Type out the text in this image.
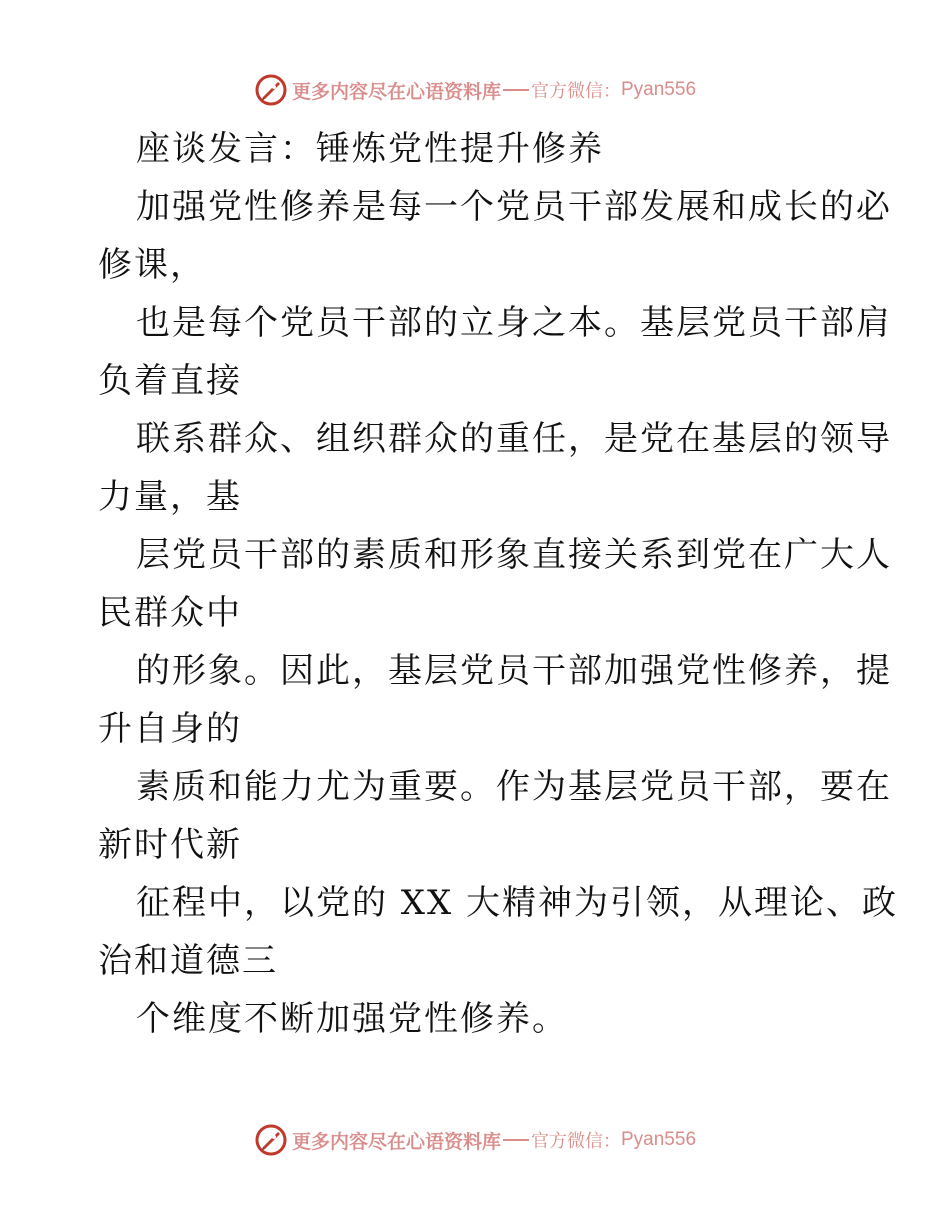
更多内容尽在心语资料库 官方微信： Pyan556
座谈发言：锤炼党性提升修养
加强党性修养是每一个党员干部发展和成长的必
修课，
也是每个党员干部的立身之本。基层党员干部肩
负着直接
联系群众、组织群众的重任，是党在基层的领导
力量，基
层党员干部的素质和形象直接关系到党在广大人
民群众中
的形象。因此，基层党员干部加强党性修养，提
升自身的
素质和能力尤为重要。作为基层党员干部，要在
新时代新
征程中，以党的 XX 大精神为引领，从理论、政
治和道德三
个维度不断加强党性修养。
更多内容尽在心语资料库 官方微信： Pyan556
